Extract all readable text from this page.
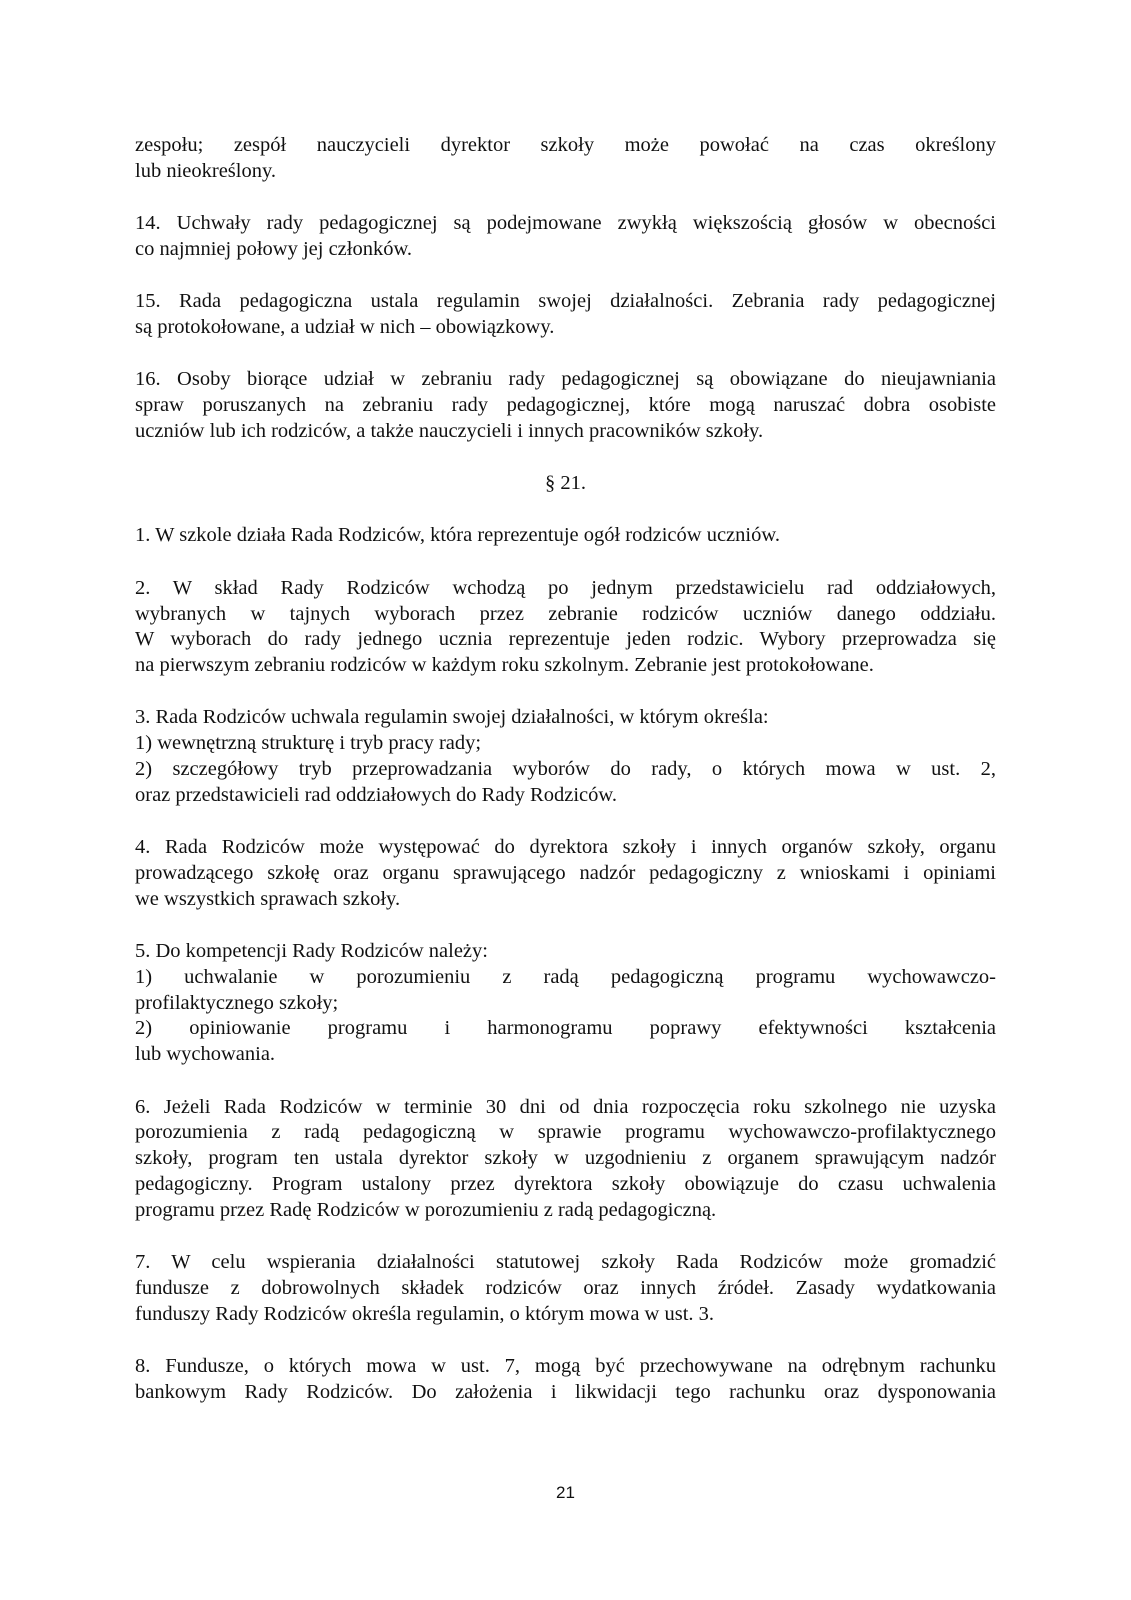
zespołu; zespół nauczycieli dyrektor szkoły może powołać na czas określony
lub nieokreślony.
14. Uchwały rady pedagogicznej są podejmowane zwykłą większością głosów w obecności
co najmniej połowy jej członków.
15. Rada pedagogiczna ustala regulamin swojej działalności. Zebrania rady pedagogicznej
są protokołowane, a udział w nich – obowiązkowy.
16. Osoby biorące udział w zebraniu rady pedagogicznej są obowiązane do nieujawniania
spraw poruszanych na zebraniu rady pedagogicznej, które mogą naruszać dobra osobiste
uczniów lub ich rodziców, a także nauczycieli i innych pracowników szkoły.
§ 21.
1. W szkole działa Rada Rodziców, która reprezentuje ogół rodziców uczniów.
2. W skład Rady Rodziców wchodzą po jednym przedstawicielu rad oddziałowych,
wybranych w tajnych wyborach przez zebranie rodziców uczniów danego oddziału.
W wyborach do rady jednego ucznia reprezentuje jeden rodzic. Wybory przeprowadza się
na pierwszym zebraniu rodziców w każdym roku szkolnym. Zebranie jest protokołowane.
3. Rada Rodziców uchwala regulamin swojej działalności, w którym określa:
1) wewnętrzną strukturę i tryb pracy rady;
2) szczegółowy tryb przeprowadzania wyborów do rady, o których mowa w ust. 2,
oraz przedstawicieli rad oddziałowych do Rady Rodziców.
4. Rada Rodziców może występować do dyrektora szkoły i innych organów szkoły, organu
prowadzącego szkołę oraz organu sprawującego nadzór pedagogiczny z wnioskami i opiniami
we wszystkich sprawach szkoły.
5. Do kompetencji Rady Rodziców należy:
1) uchwalanie w porozumieniu z radą pedagogiczną programu wychowawczo-
profilaktycznego szkoły;
2) opiniowanie programu i harmonogramu poprawy efektywności kształcenia
lub wychowania.
6. Jeżeli Rada Rodziców w terminie 30 dni od dnia rozpoczęcia roku szkolnego nie uzyska
porozumienia z radą pedagogiczną w sprawie programu wychowawczo-profilaktycznego
szkoły, program ten ustala dyrektor szkoły w uzgodnieniu z organem sprawującym nadzór
pedagogiczny. Program ustalony przez dyrektora szkoły obowiązuje do czasu uchwalenia
programu przez Radę Rodziców w porozumieniu z radą pedagogiczną.
7. W celu wspierania działalności statutowej szkoły Rada Rodziców może gromadzić
fundusze z dobrowolnych składek rodziców oraz innych źródeł. Zasady wydatkowania
funduszy Rady Rodziców określa regulamin, o którym mowa w ust. 3.
8. Fundusze, o których mowa w ust. 7, mogą być przechowywane na odrębnym rachunku
bankowym Rady Rodziców. Do założenia i likwidacji tego rachunku oraz dysponowania
21
